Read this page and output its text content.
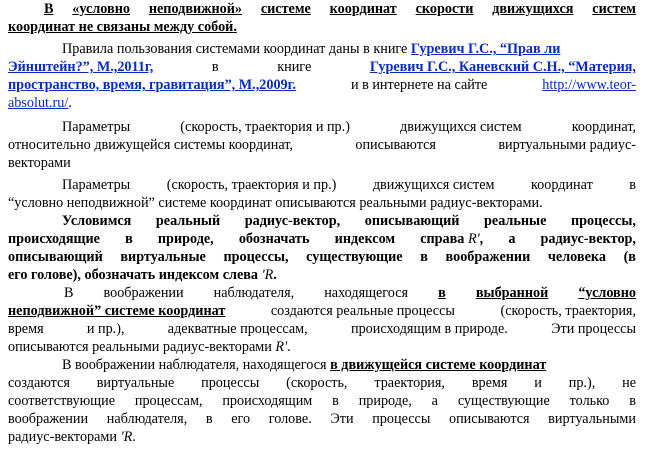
В «условно неподвижной» системе координат скорости движущихся систем
координат не связаны между собой.
Правила пользования системами координат даны в книге Гуревич Г.С., “Прав ли
Эйнштейн?”, М.,2011г,	в	книге	Гуревич Г.С., Каневский С.Н., “Материя,
пространство, время, гравитация”, М.,2009г.	и в интернете на сайте	http://www.teor-
absolut.ru/.
Параметры	(скорость, траектория и пр.)	движущихся систем	координат,
относительно движущейся системы координат,	описываются	виртуальными радиус-
векторами
Параметры	(скорость, траектория и пр.)	движущихся систем	координат	в
“условно неподвижной” системе координат описываются реальными радиус-векторами.
Условимся реальный радиус-вектор, описывающий реальные процессы,
происходящие в природе, обозначать индексом справа R', а радиус-вектор,
описывающий виртуальные процессы, существующие в воображении человека (в
его голове), обозначать индексом слева 'R.
В воображении наблюдателя, находящегося в выбранной “условно
неподвижной” системе координат	создаются реальные процессы	(скорость, траектория,
время	и пр.),	адекватные процессам,	происходящим в природе.	Эти процессы
описываются реальными радиус-векторами R'.
В воображении наблюдателя, находящегося в движущейся системе координат
создаются виртуальные процессы (скорость, траектория, время и пр.), не
соответствующие процессам, происходящим в природе, а существующие только в
воображении наблюдателя, в его голове. Эти процессы описываются виртуальными
радиус-векторами 'R.
